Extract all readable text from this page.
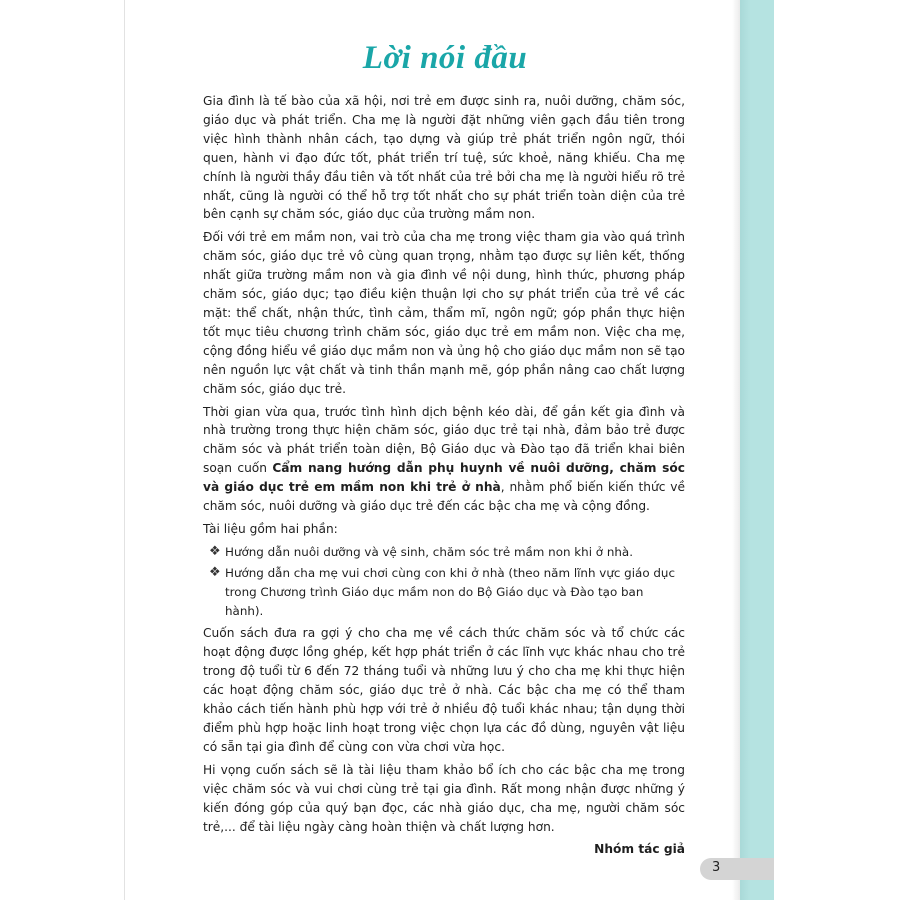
Lời nói đầu

Gia đình là tế bào của xã hội, nơi trẻ em được sinh ra, nuôi dưỡng, chăm sóc, giáo dục và phát triển. Cha mẹ là người đặt những viên gạch đầu tiên trong việc hình thành nhân cách, tạo dựng và giúp trẻ phát triển ngôn ngữ, thói quen, hành vi đạo đức tốt, phát triển trí tuệ, sức khoẻ, năng khiếu. Cha mẹ chính là người thầy đầu tiên và tốt nhất của trẻ bởi cha mẹ là người hiểu rõ trẻ nhất, cũng là người có thể hỗ trợ tốt nhất cho sự phát triển toàn diện của trẻ bên cạnh sự chăm sóc, giáo dục của trường mầm non.

Đối với trẻ em mầm non, vai trò của cha mẹ trong việc tham gia vào quá trình chăm sóc, giáo dục trẻ vô cùng quan trọng, nhằm tạo được sự liên kết, thống nhất giữa trường mầm non và gia đình về nội dung, hình thức, phương pháp chăm sóc, giáo dục; tạo điều kiện thuận lợi cho sự phát triển của trẻ về các mặt: thể chất, nhận thức, tình cảm, thẩm mĩ, ngôn ngữ; góp phần thực hiện tốt mục tiêu chương trình chăm sóc, giáo dục trẻ em mầm non. Việc cha mẹ, cộng đồng hiểu về giáo dục mầm non và ủng hộ cho giáo dục mầm non sẽ tạo nên nguồn lực vật chất và tinh thần mạnh mẽ, góp phần nâng cao chất lượng chăm sóc, giáo dục trẻ.

Thời gian vừa qua, trước tình hình dịch bệnh kéo dài, để gắn kết gia đình và nhà trường trong thực hiện chăm sóc, giáo dục trẻ tại nhà, đảm bảo trẻ được chăm sóc và phát triển toàn diện, Bộ Giáo dục và Đào tạo đã triển khai biên soạn cuốn Cẩm nang hướng dẫn phụ huynh về nuôi dưỡng, chăm sóc và giáo dục trẻ em mầm non khi trẻ ở nhà, nhằm phổ biến kiến thức về chăm sóc, nuôi dưỡng và giáo dục trẻ đến các bậc cha mẹ và cộng đồng.

Tài liệu gồm hai phần:

❖ Hướng dẫn nuôi dưỡng và vệ sinh, chăm sóc trẻ mầm non khi ở nhà.
❖ Hướng dẫn cha mẹ vui chơi cùng con khi ở nhà (theo năm lĩnh vực giáo dục trong Chương trình Giáo dục mầm non do Bộ Giáo dục và Đào tạo ban hành).

Cuốn sách đưa ra gợi ý cho cha mẹ về cách thức chăm sóc và tổ chức các hoạt động được lồng ghép, kết hợp phát triển ở các lĩnh vực khác nhau cho trẻ trong độ tuổi từ 6 đến 72 tháng tuổi và những lưu ý cho cha mẹ khi thực hiện các hoạt động chăm sóc, giáo dục trẻ ở nhà. Các bậc cha mẹ có thể tham khảo cách tiến hành phù hợp với trẻ ở nhiều độ tuổi khác nhau; tận dụng thời điểm phù hợp hoặc linh hoạt trong việc chọn lựa các đồ dùng, nguyên vật liệu có sẵn tại gia đình để cùng con vừa chơi vừa học.

Hi vọng cuốn sách sẽ là tài liệu tham khảo bổ ích cho các bậc cha mẹ trong việc chăm sóc và vui chơi cùng trẻ tại gia đình. Rất mong nhận được những ý kiến đóng góp của quý bạn đọc, các nhà giáo dục, cha mẹ, người chăm sóc trẻ,... để tài liệu ngày càng hoàn thiện và chất lượng hơn.

Nhóm tác giả

3
